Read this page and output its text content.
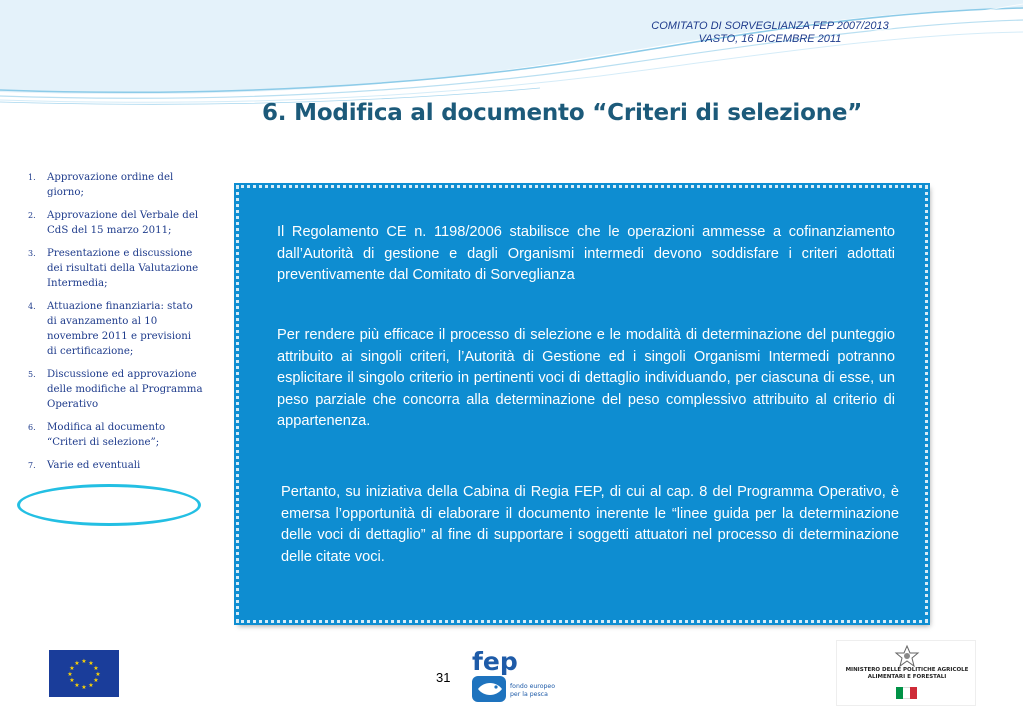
COMITATO DI SORVEGLIANZA FEP 2007/2013
VASTO, 16 DICEMBRE 2011
6. Modifica al documento “Criteri di selezione”
1.	Approvazione ordine del giorno;
2.	Approvazione del Verbale del CdS del 15 marzo 2011;
3.	Presentazione e discussione dei risultati della Valutazione Intermedia;
4.	Attuazione finanziaria: stato di avanzamento al 10 novembre 2011 e previsioni di certificazione;
5.	Discussione ed approvazione delle modifiche al Programma Operativo
6.	Modifica al documento “Criteri di selezione”;
7.	Varie ed eventuali

Il Regolamento CE n. 1198/2006 stabilisce che le operazioni ammesse a cofinanziamento dall’Autorità di gestione e dagli Organismi intermedi devono soddisfare i criteri adottati preventivamente dal Comitato di Sorveglianza

Per rendere più efficace il processo di selezione e le modalità di determinazione del punteggio attribuito ai singoli criteri, l’Autorità di Gestione ed i singoli Organismi Intermedi potranno esplicitare il singolo criterio in pertinenti voci di dettaglio individuando, per ciascuna di esse, un peso parziale che concorra alla determinazione del peso complessivo attribuito al criterio di appartenenza.

Pertanto, su iniziativa della Cabina di Regia FEP, di cui al cap. 8 del Programma Operativo, è emersa l’opportunità di elaborare il documento inerente le “linee guida per la determinazione delle voci di dettaglio” al fine di supportare i soggetti attuatori nel processo di determinazione delle citate voci.

★ ★
★
★
★
★
★
★
★
★
★
★	fep
fondo europeo
per la pesca
31	MINISTERO DELLE POLITICHE AGRICOLE
ALIMENTARI E FORESTALI
